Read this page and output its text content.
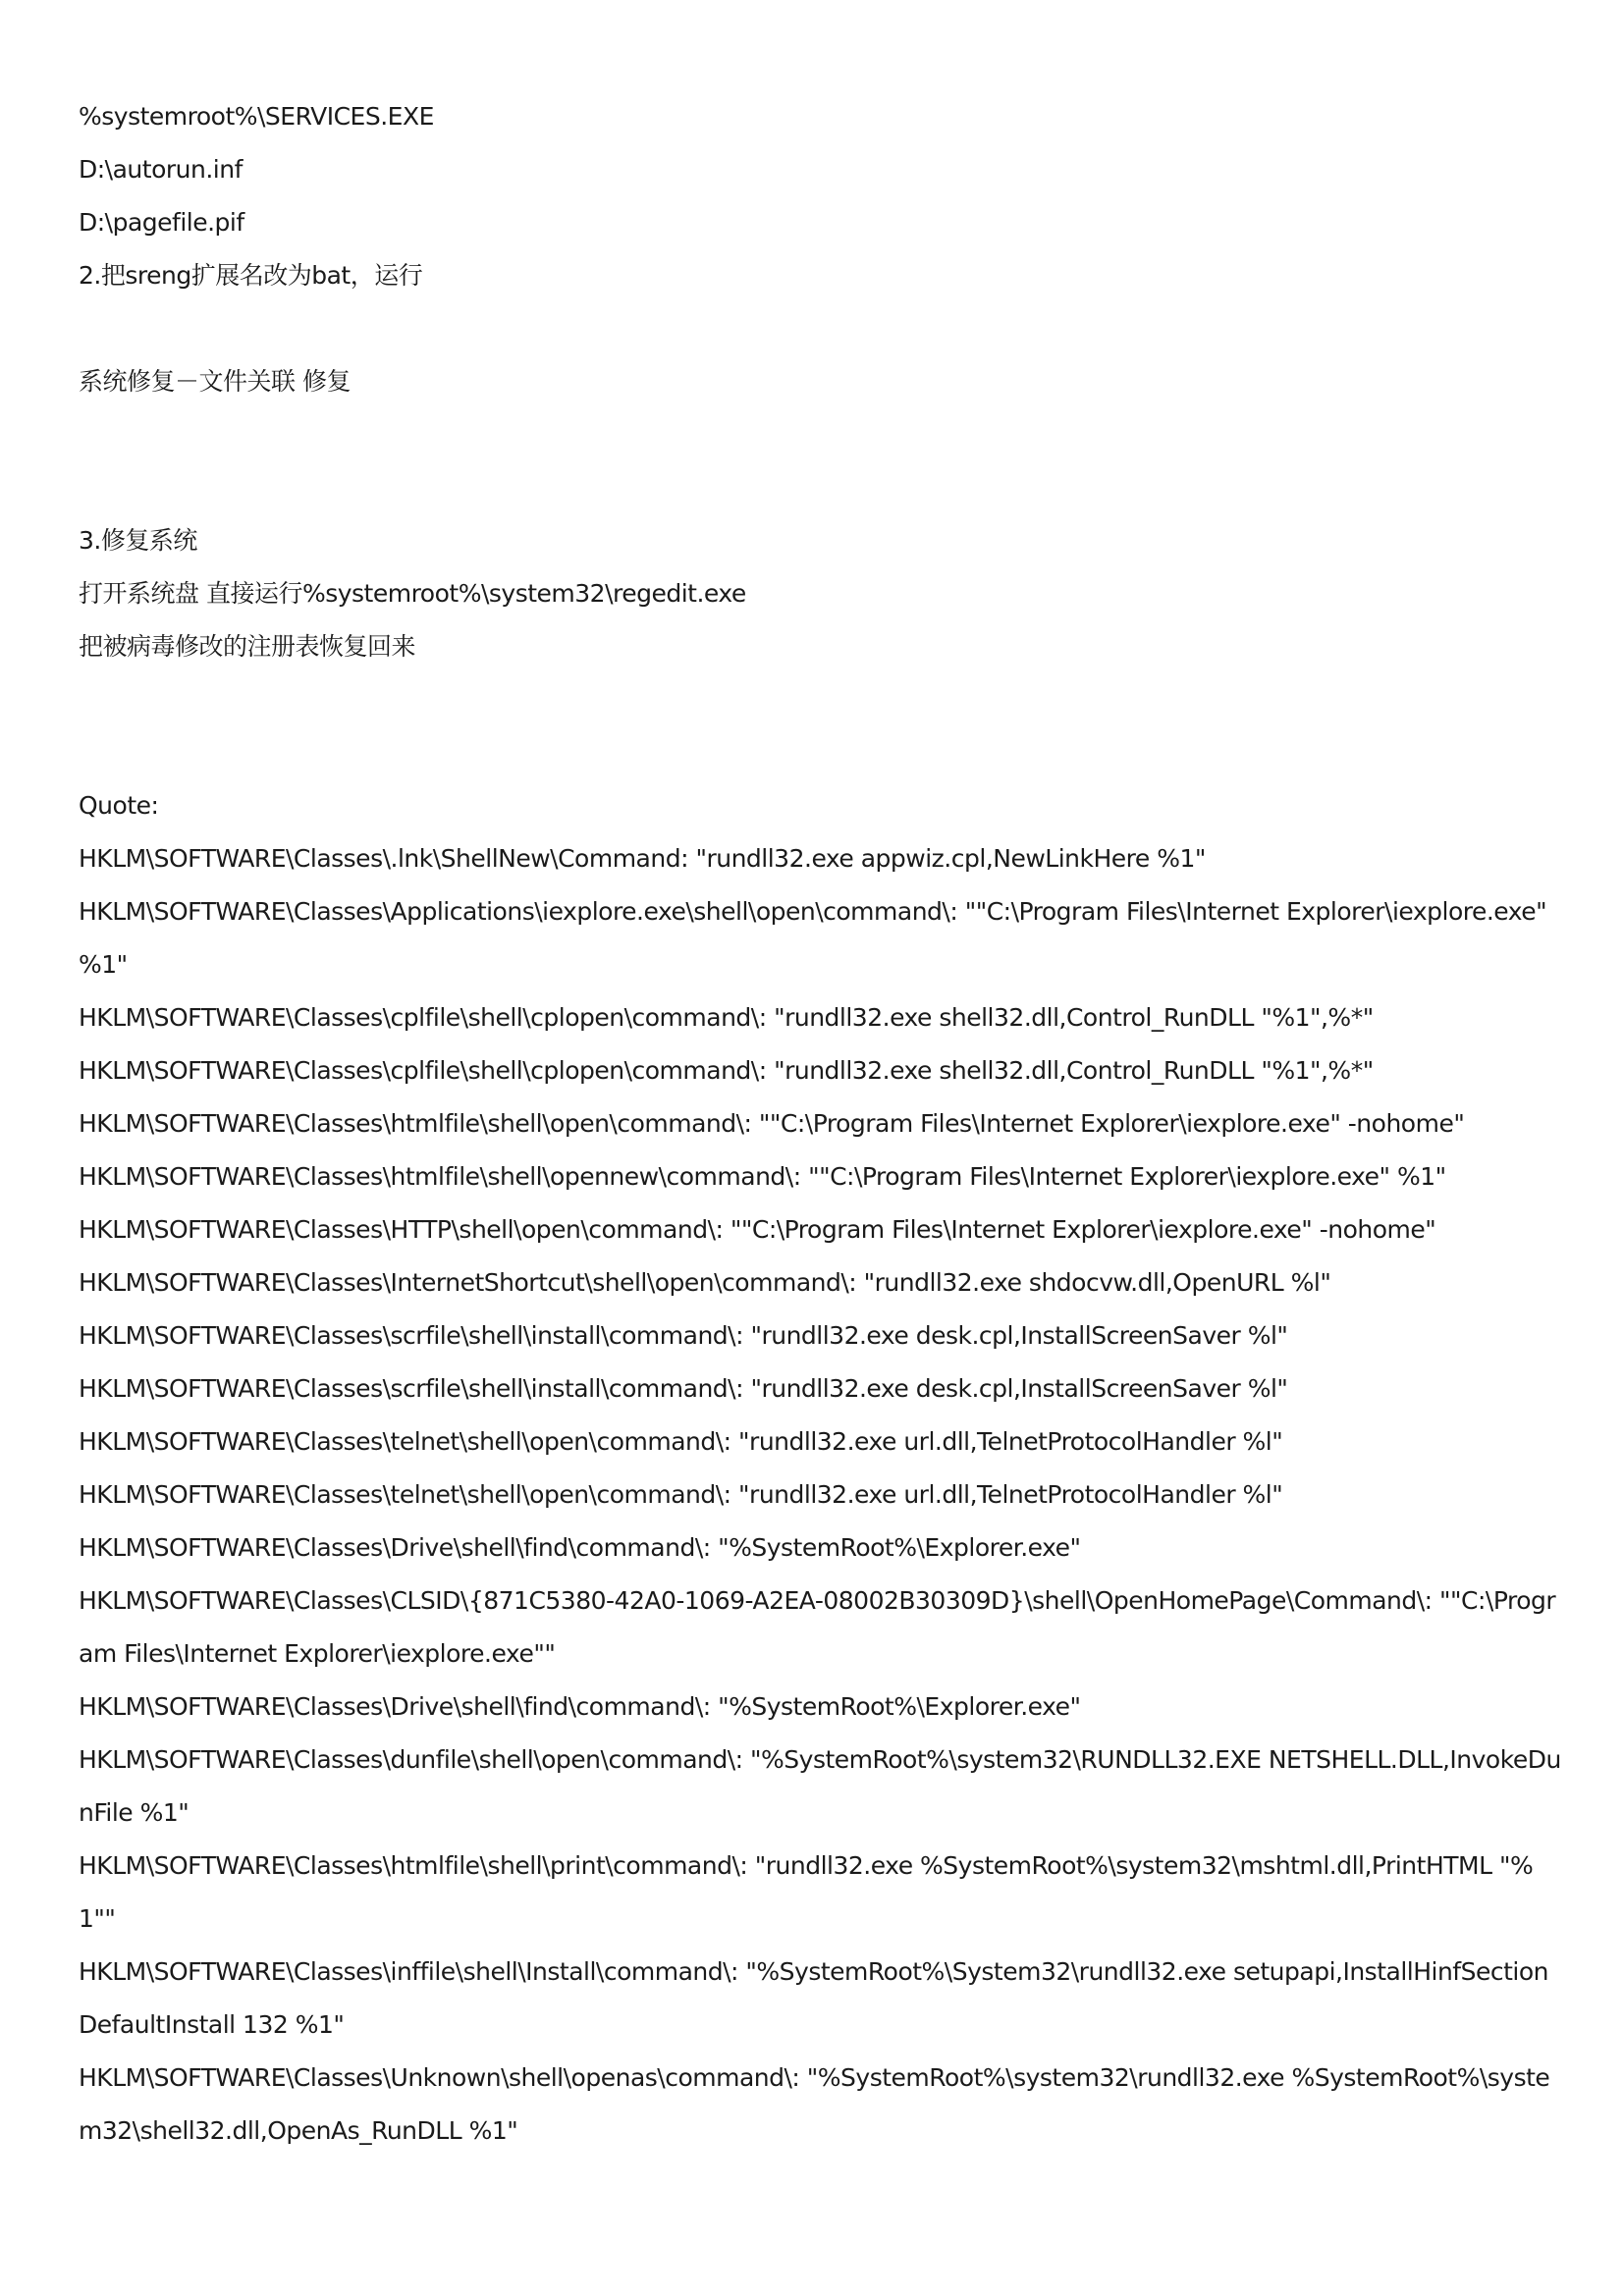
%systemroot%\SERVICES.EXE
D:\autorun.inf
D:\pagefile.pif
2.把sreng扩展名改为bat，运行
系统修复－文件关联 修复
3.修复系统
打开系统盘 直接运行%systemroot%\system32\regedit.exe
把被病毒修改的注册表恢复回来
Quote:
HKLM\SOFTWARE\Classes\.lnk\ShellNew\Command: "rundll32.exe appwiz.cpl,NewLinkHere %1"
HKLM\SOFTWARE\Classes\Applications\iexplore.exe\shell\open\command\: ""C:\Program Files\Internet Explorer\iexplore.exe" %1"
HKLM\SOFTWARE\Classes\cplfile\shell\cplopen\command\: "rundll32.exe shell32.dll,Control_RunDLL "%1",%*"
HKLM\SOFTWARE\Classes\cplfile\shell\cplopen\command\: "rundll32.exe shell32.dll,Control_RunDLL "%1",%*"
HKLM\SOFTWARE\Classes\htmlfile\shell\open\command\: ""C:\Program Files\Internet Explorer\iexplore.exe" -nohome"
HKLM\SOFTWARE\Classes\htmlfile\shell\opennew\command\: ""C:\Program Files\Internet Explorer\iexplore.exe" %1"
HKLM\SOFTWARE\Classes\HTTP\shell\open\command\: ""C:\Program Files\Internet Explorer\iexplore.exe" -nohome"
HKLM\SOFTWARE\Classes\InternetShortcut\shell\open\command\: "rundll32.exe shdocvw.dll,OpenURL %l"
HKLM\SOFTWARE\Classes\scrfile\shell\install\command\: "rundll32.exe desk.cpl,InstallScreenSaver %l"
HKLM\SOFTWARE\Classes\scrfile\shell\install\command\: "rundll32.exe desk.cpl,InstallScreenSaver %l"
HKLM\SOFTWARE\Classes\telnet\shell\open\command\: "rundll32.exe url.dll,TelnetProtocolHandler %l"
HKLM\SOFTWARE\Classes\telnet\shell\open\command\: "rundll32.exe url.dll,TelnetProtocolHandler %l"
HKLM\SOFTWARE\Classes\Drive\shell\find\command\: "%SystemRoot%\Explorer.exe"
HKLM\SOFTWARE\Classes\CLSID\{871C5380-42A0-1069-A2EA-08002B30309D}\shell\OpenHomePage\Command\: ""C:\Program Files\Internet Explorer\iexplore.exe""
HKLM\SOFTWARE\Classes\Drive\shell\find\command\: "%SystemRoot%\Explorer.exe"
HKLM\SOFTWARE\Classes\dunfile\shell\open\command\: "%SystemRoot%\system32\RUNDLL32.EXE NETSHELL.DLL,InvokeDunFile %1"
HKLM\SOFTWARE\Classes\htmlfile\shell\print\command\: "rundll32.exe %SystemRoot%\system32\mshtml.dll,PrintHTML "%1""
HKLM\SOFTWARE\Classes\inffile\shell\Install\command\: "%SystemRoot%\System32\rundll32.exe setupapi,InstallHinfSection DefaultInstall 132 %1"
HKLM\SOFTWARE\Classes\Unknown\shell\openas\command\: "%SystemRoot%\system32\rundll32.exe %SystemRoot%\system32\shell32.dll,OpenAs_RunDLL %1"
